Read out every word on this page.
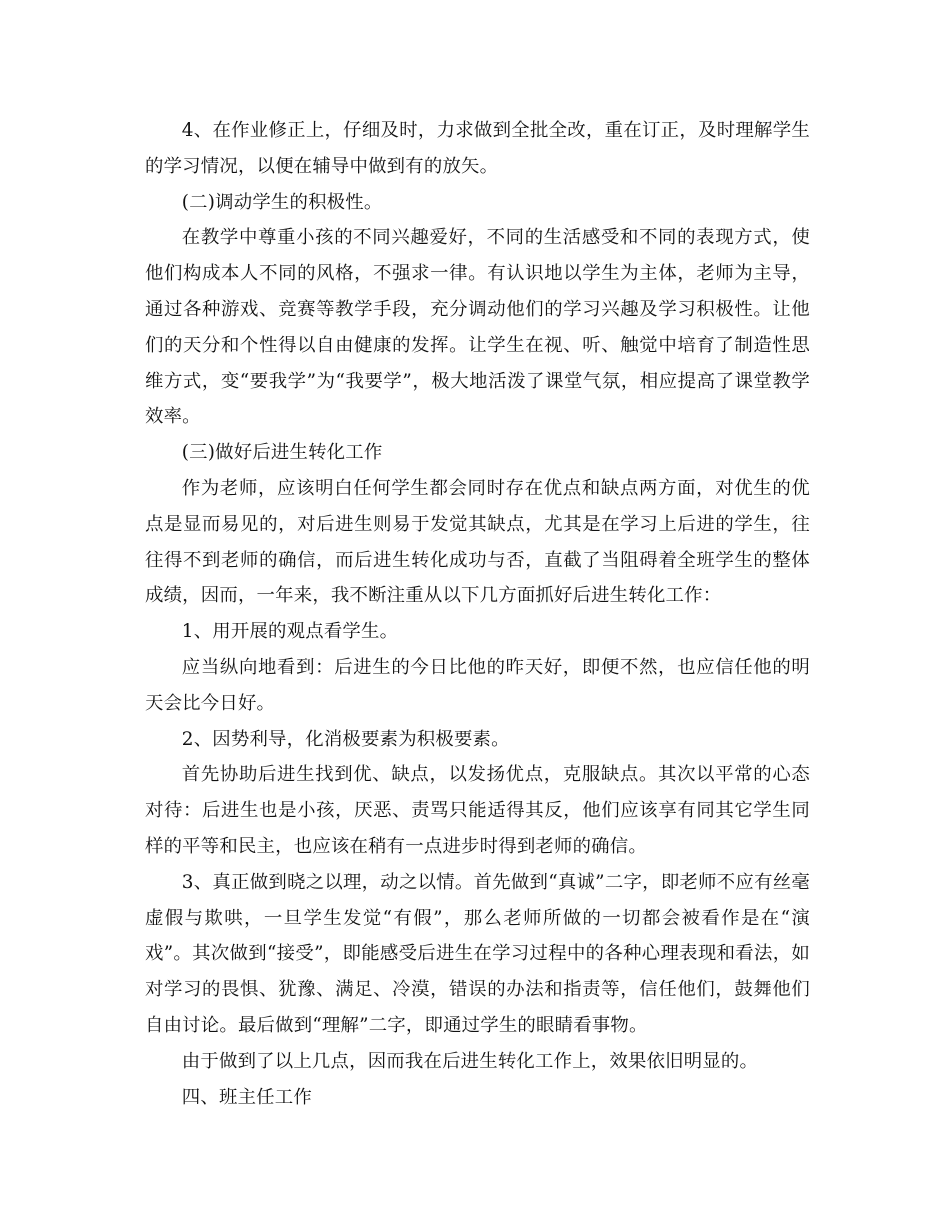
4、在作业修正上，仔细及时，力求做到全批全改，重在订正，及时理解学生的学习情况，以便在辅导中做到有的放矢。

(二)调动学生的积极性。

在教学中尊重小孩的不同兴趣爱好，不同的生活感受和不同的表现方式，使他们构成本人不同的风格，不强求一律。有认识地以学生为主体，老师为主导，通过各种游戏、竞赛等教学手段，充分调动他们的学习兴趣及学习积极性。让他们的天分和个性得以自由健康的发挥。让学生在视、听、触觉中培育了制造性思维方式，变“要我学”为“我要学”，极大地活泼了课堂气氛，相应提高了课堂教学效率。

(三)做好后进生转化工作

作为老师，应该明白任何学生都会同时存在优点和缺点两方面，对优生的优点是显而易见的，对后进生则易于发觉其缺点，尤其是在学习上后进的学生，往往得不到老师的确信，而后进生转化成功与否，直截了当阻碍着全班学生的整体成绩，因而，一年来，我不断注重从以下几方面抓好后进生转化工作：

1、用开展的观点看学生。

应当纵向地看到：后进生的今日比他的昨天好，即便不然，也应信任他的明天会比今日好。

2、因势利导，化消极要素为积极要素。

首先协助后进生找到优、缺点，以发扬优点，克服缺点。其次以平常的心态对待：后进生也是小孩，厌恶、责骂只能适得其反，他们应该享有同其它学生同样的平等和民主，也应该在稍有一点进步时得到老师的确信。

3、真正做到晓之以理，动之以情。首先做到“真诚”二字，即老师不应有丝毫虚假与欺哄，一旦学生发觉“有假”，那么老师所做的一切都会被看作是在“演戏”。其次做到“接受”，即能感受后进生在学习过程中的各种心理表现和看法，如对学习的畏惧、犹豫、满足、冷漠，错误的办法和指责等，信任他们，鼓舞他们自由讨论。最后做到“理解”二字，即通过学生的眼睛看事物。

由于做到了以上几点，因而我在后进生转化工作上，效果依旧明显的。

四、班主任工作
